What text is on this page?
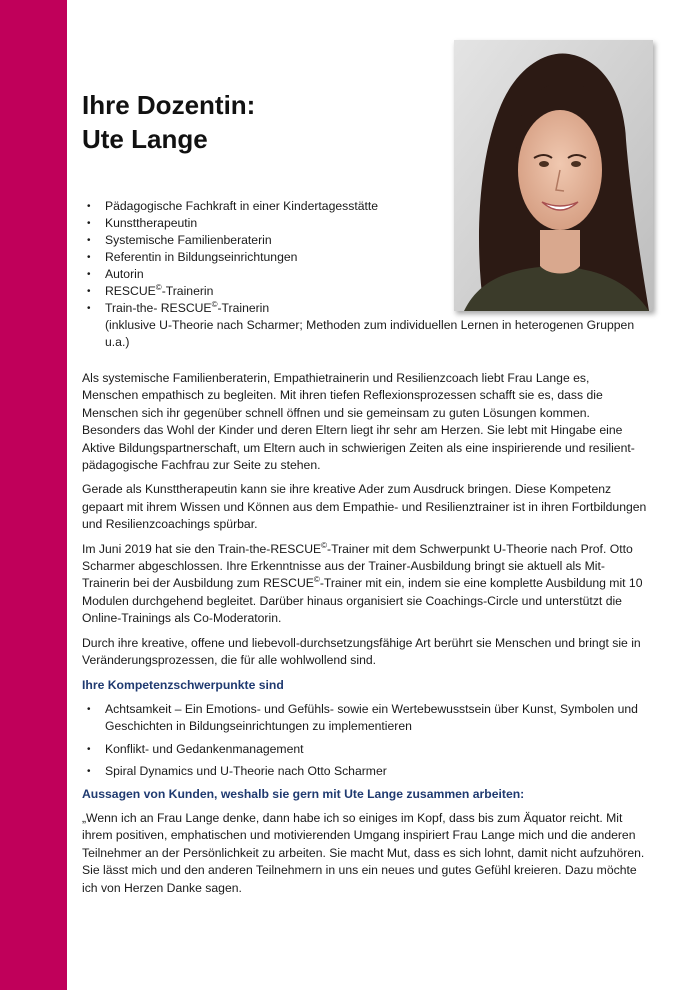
Ihre Dozentin:
Ute Lange
• Pädagogische Fachkraft in einer Kindertagesstätte
• Kunsttherapeutin
• Systemische Familienberaterin
• Referentin in Bildungseinrichtungen
• Autorin
• RESCUE©-Trainerin
• Train-the- RESCUE©-Trainerin
(inklusive U-Theorie nach Scharmer; Methoden zum individuellen Lernen in heterogenen Gruppen u.a.)

Als systemische Familienberaterin, Empathietrainerin und Resilienzcoach liebt Frau Lange es, Menschen empathisch zu begleiten. Mit ihren tiefen Reflexionsprozessen schafft sie es, dass die Menschen sich ihr gegenüber schnell öffnen und sie gemeinsam zu guten Lösungen kommen. Besonders das Wohl der Kinder und deren Eltern liegt ihr sehr am Herzen. Sie lebt mit Hingabe eine Aktive Bildungspartnerschaft, um Eltern auch in schwierigen Zeiten als eine inspirierende und resilient-pädagogische Fachfrau zur Seite zu stehen.

Gerade als Kunsttherapeutin kann sie ihre kreative Ader zum Ausdruck bringen. Diese Kompetenz gepaart mit ihrem Wissen und Können aus dem Empathie- und Resilienztrainer ist in ihren Fortbildungen und Resilienzcoachings spürbar.

Im Juni 2019 hat sie den Train-the-RESCUE©-Trainer mit dem Schwerpunkt U-Theorie nach Prof. Otto Scharmer abgeschlossen. Ihre Erkenntnisse aus der Trainer-Ausbildung bringt sie aktuell als Mit-Trainerin bei der Ausbildung zum RESCUE©-Trainer mit ein, indem sie eine komplette Ausbildung mit 10 Modulen durchgehend begleitet. Darüber hinaus organisiert sie Coachings-Circle und unterstützt die Online-Trainings als Co-Moderatorin.

Durch ihre kreative, offene und liebevoll-durchsetzungsfähige Art berührt sie Menschen und bringt sie in Veränderungsprozessen, die für alle wohlwollend sind.

Ihre Kompetenzschwerpunkte sind

• Achtsamkeit – Ein Emotions- und Gefühls- sowie ein Wertebewusstsein über Kunst, Symbolen und Geschichten in Bildungseinrichtungen zu implementieren
• Konflikt- und Gedankenmanagement
• Spiral Dynamics und U-Theorie nach Otto Scharmer

Aussagen von Kunden, weshalb sie gern mit Ute Lange zusammen arbeiten:

„Wenn ich an Frau Lange denke, dann habe ich so einiges im Kopf, dass bis zum Äquator reicht. Mit ihrem positiven, emphatischen und motivierenden Umgang inspiriert Frau Lange mich und die anderen Teilnehmer an der Persönlichkeit zu arbeiten. Sie macht Mut, dass es sich lohnt, damit nicht aufzuhören. Sie lässt mich und den anderen Teilnehmern in uns ein neues und gutes Gefühl kreieren. Dazu möchte ich von Herzen Danke sagen.
